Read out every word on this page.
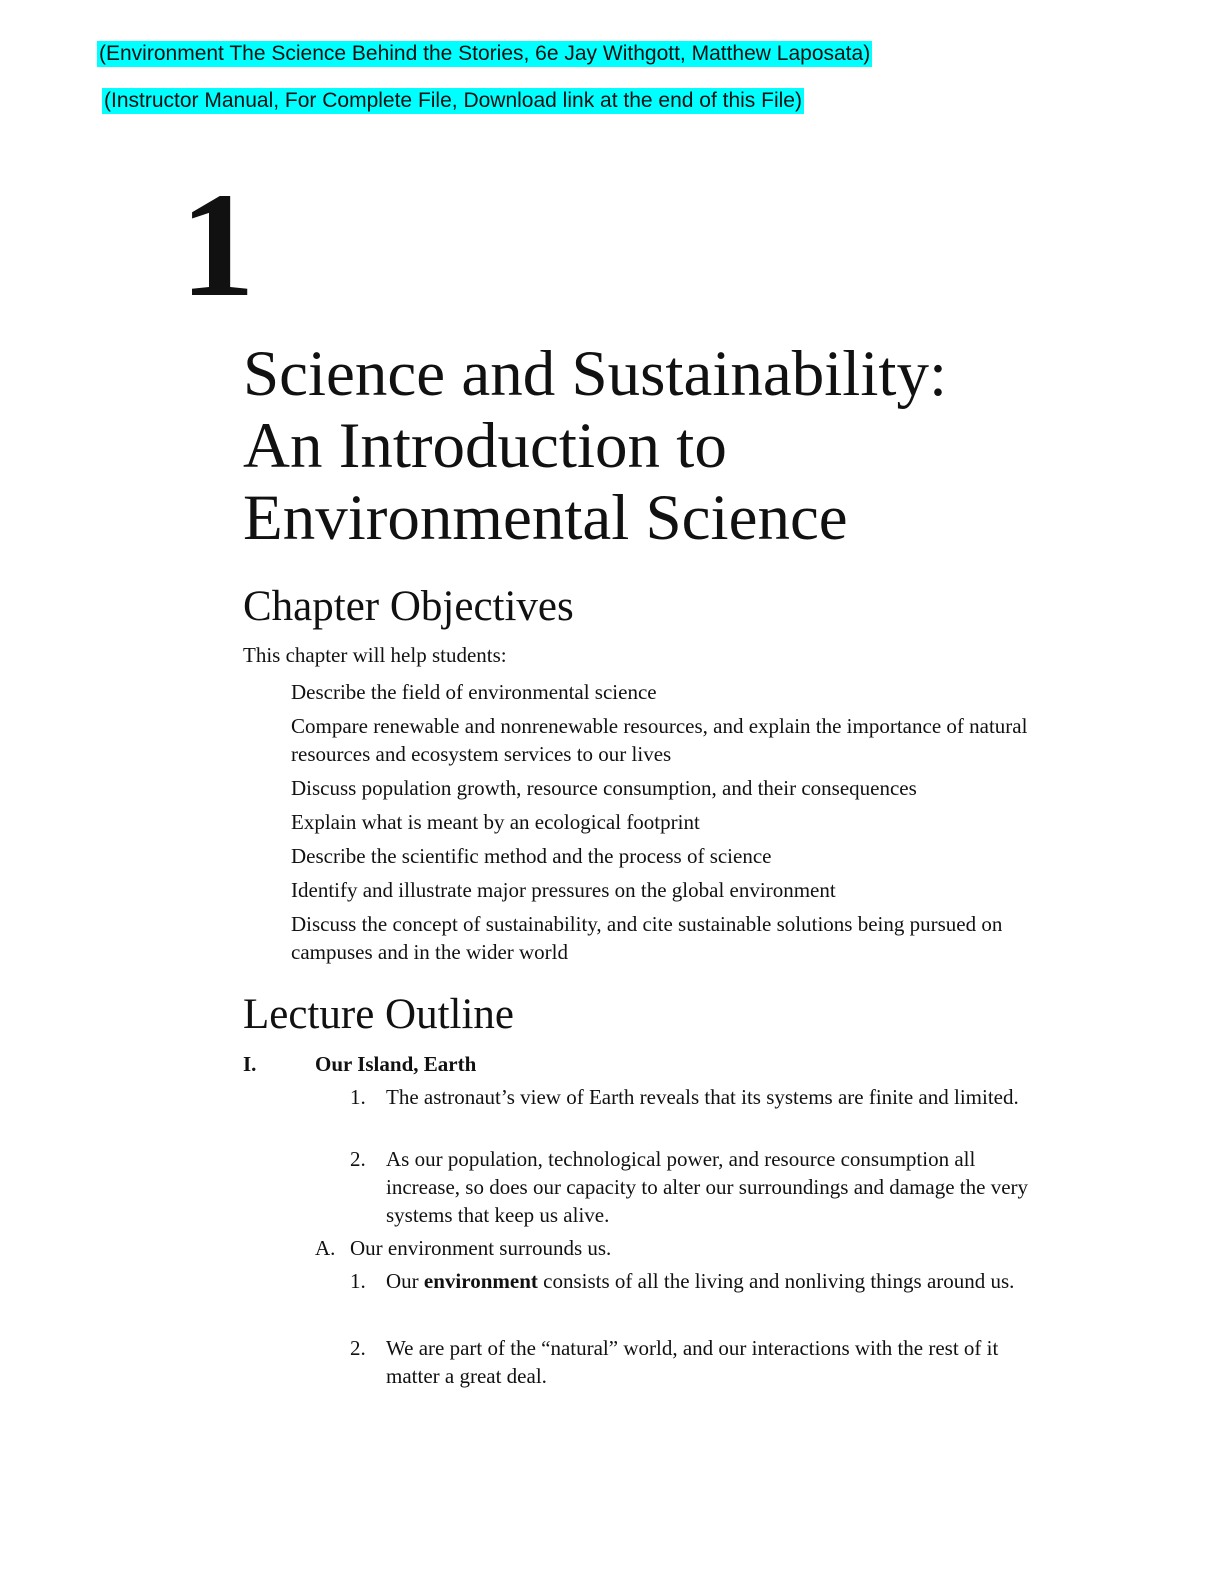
(Environment The Science Behind the Stories, 6e Jay Withgott, Matthew Laposata)
(Instructor Manual, For Complete File, Download link at the end of this File)
1
Science and Sustainability:
An Introduction to
Environmental Science
Chapter Objectives
This chapter will help students:
Describe the field of environmental science
Compare renewable and nonrenewable resources, and explain the importance of natural resources and ecosystem services to our lives
Discuss population growth, resource consumption, and their consequences
Explain what is meant by an ecological footprint
Describe the scientific method and the process of science
Identify and illustrate major pressures on the global environment
Discuss the concept of sustainability, and cite sustainable solutions being pursued on campuses and in the wider world
Lecture Outline
I.	Our Island, Earth
1. The astronaut’s view of Earth reveals that its systems are finite and limited.
2. As our population, technological power, and resource consumption all increase, so does our capacity to alter our surroundings and damage the very systems that keep us alive.
A. Our environment surrounds us.
1. Our environment consists of all the living and nonliving things around us.
2. We are part of the “natural” world, and our interactions with the rest of it matter a great deal.
